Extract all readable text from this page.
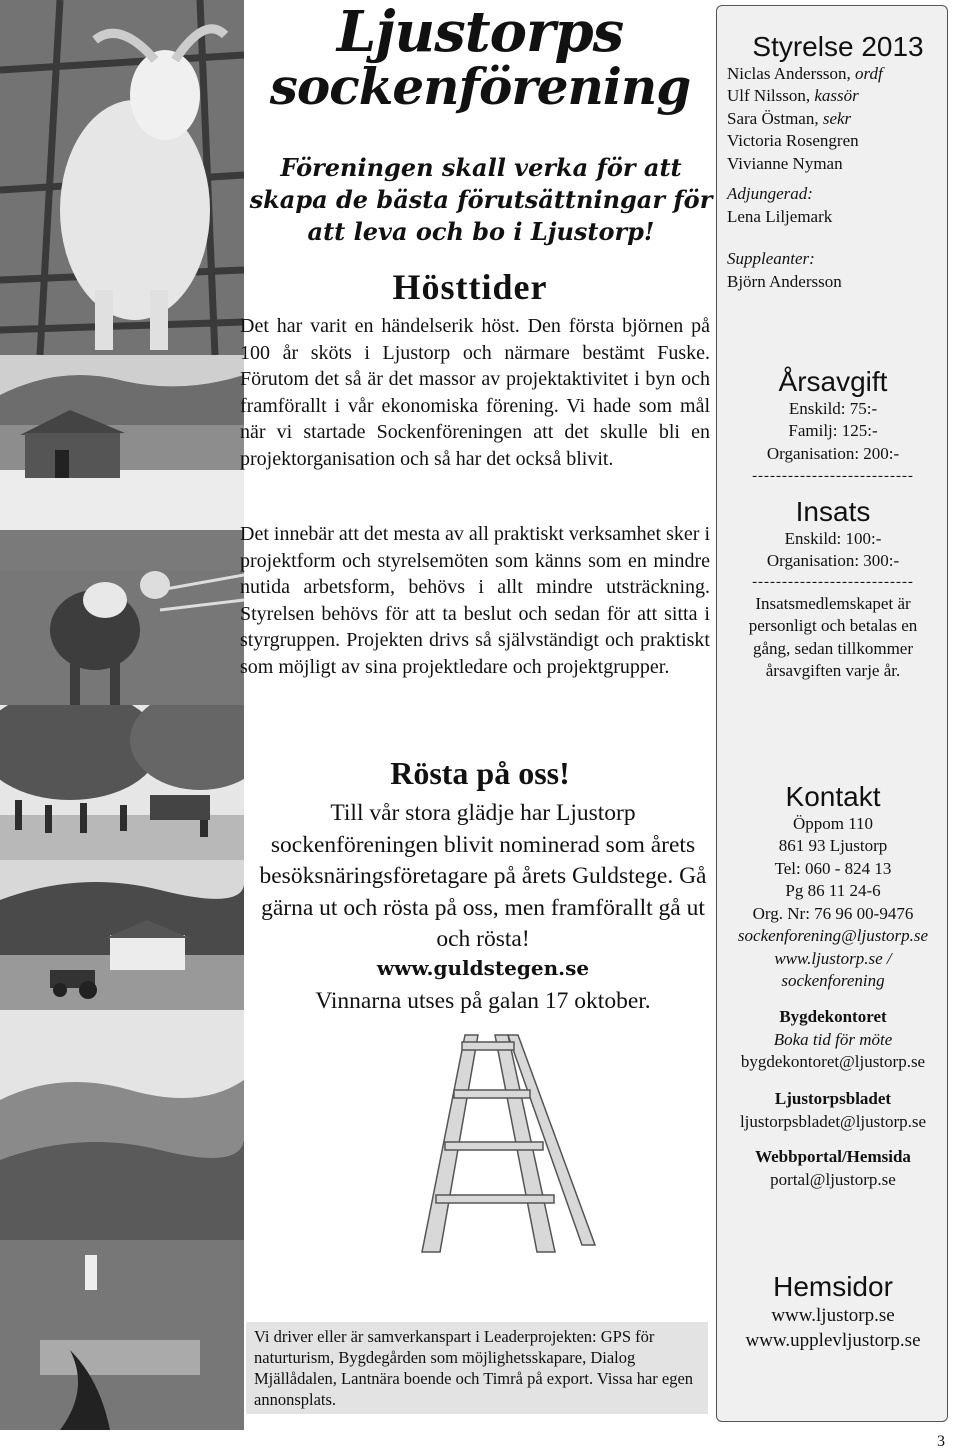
Ljustorps
sockenförening
Föreningen skall verka för att skapa de bästa förutsättningar för att leva och bo i Ljustorp!
Hösttider
Det har varit en händelserik höst. Den första björnen på 100 år sköts i Ljustorp och närmare bestämt Fuske. Förutom det så är det massor av projektaktivitet i byn och framförallt i vår ekonomiska förening. Vi hade som mål när vi startade Sockenföreningen att det skulle bli en projektorganisation och så har det också blivit.
Det innebär att det mesta av all praktiskt verksamhet sker i projektform och styrelsemöten som känns som en mindre nutida arbetsform, behövs i allt mindre utsträckning. Styrelsen behövs för att ta beslut och sedan för att sitta i styrgruppen. Projekten drivs så självständigt och praktiskt som möjligt av sina projektledare och projektgrupper.
Rösta på oss!
Till vår stora glädje har Ljustorp sockenföreningen blivit nominerad som årets besöksnäringsföretagare på årets Guldstege. Gå gärna ut och rösta på oss, men framförallt gå ut och rösta!
www.guldstegen.se
Vinnarna utses på galan 17 oktober.
Vi driver eller är samverkanspart i Leaderprojekten: GPS för naturturism, Bygdegården som möjlighetsskapare, Dialog Mjällådalen, Lantnära boende och Timrå på export. Vissa har egen annonsplats.
Styrelse 2013
Niclas Andersson, ordf
Ulf Nilsson, kassör
Sara Östman, sekr
Victoria Rosengren
Vivianne Nyman
Adjungerad:
Lena Liljemark
Suppleanter:
Björn Andersson
Årsavgift
Enskild: 75:-
Familj: 125:-
Organisation: 200:-
---------------------------
Insats
Enskild: 100:-
Organisation: 300:-
---------------------------
Insatsmedlemskapet är personligt och betalas en gång, sedan tillkommer årsavgiften varje år.
Kontakt
Öppom 110
861 93 Ljustorp
Tel: 060 - 824 13
Pg 86 11 24-6
Org. Nr: 76 96 00-9476
sockenforening@ljustorp.se
www.ljustorp.se / sockenforening
Bygdekontoret
Boka tid för möte
bygdekontoret@ljustorp.se
Ljustorpsbladet
ljustorpsbladet@ljustorp.se
Webbportal/Hemsida
portal@ljustorp.se
Hemsidor
www.ljustorp.se
www.upplevljustorp.se
3
